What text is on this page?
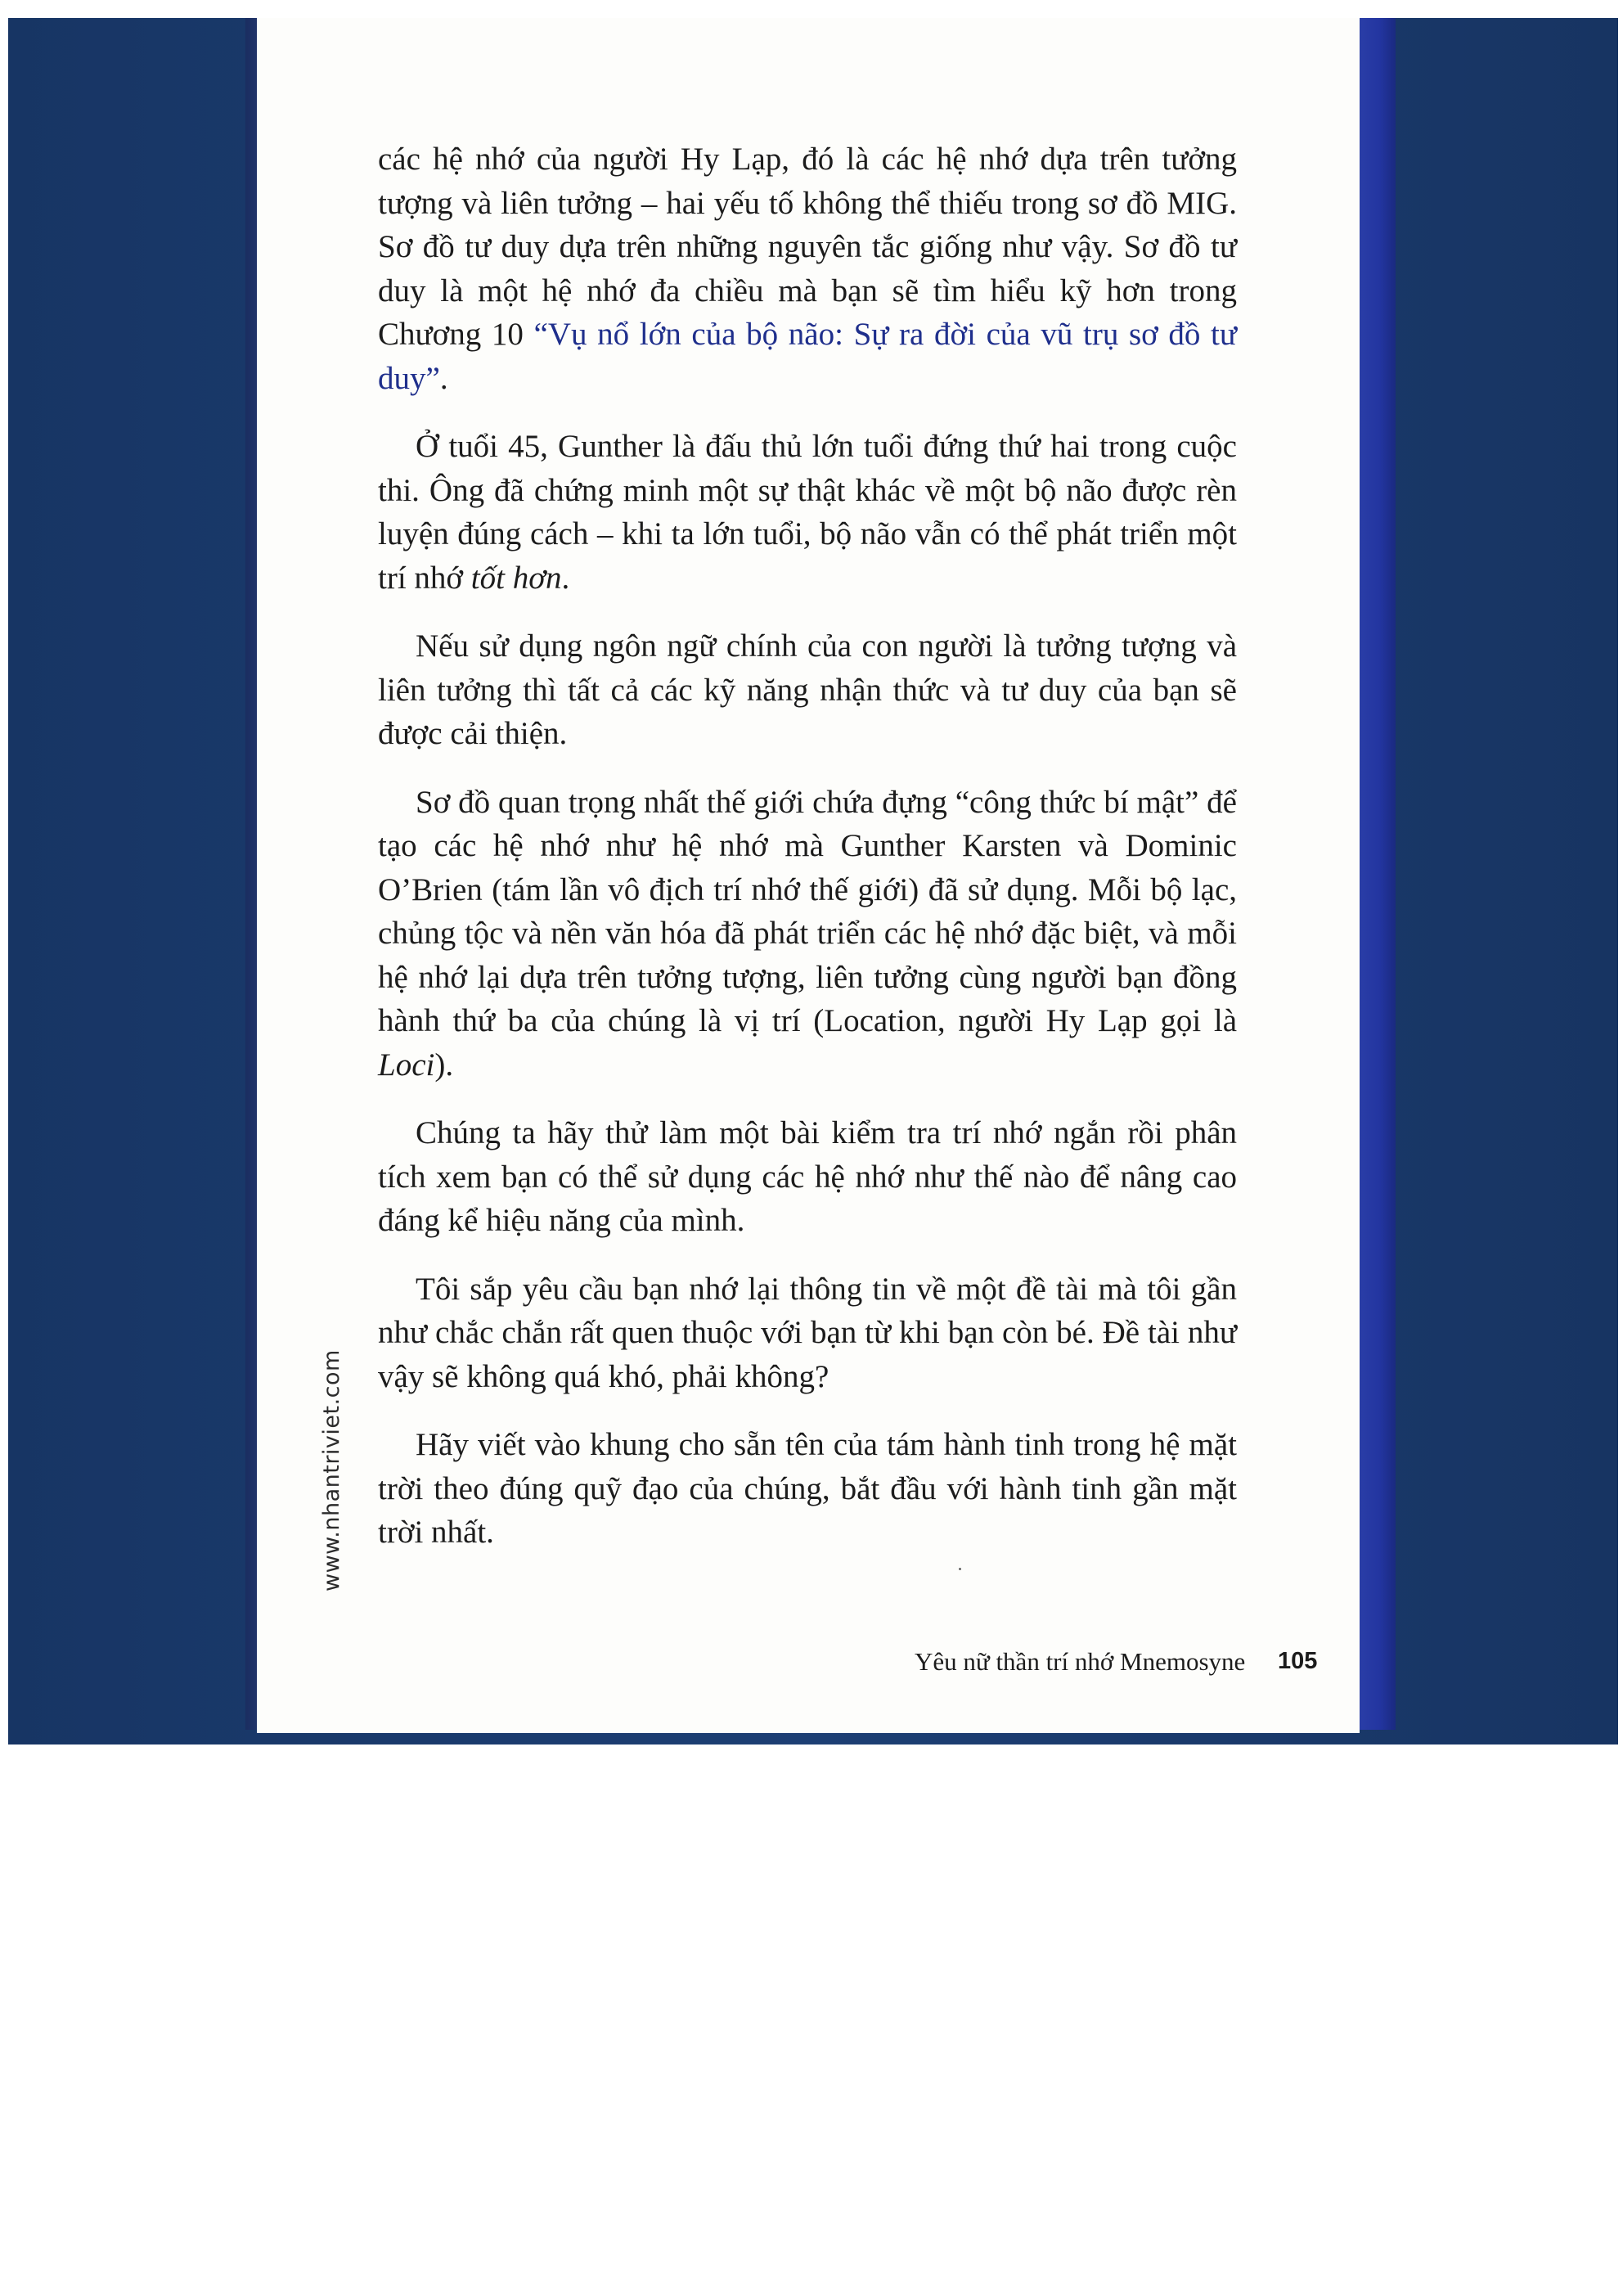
các hệ nhớ của người Hy Lạp, đó là các hệ nhớ dựa trên tưởng tượng và liên tưởng – hai yếu tố không thể thiếu trong sơ đồ MIG. Sơ đồ tư duy dựa trên những nguyên tắc giống như vậy. Sơ đồ tư duy là một hệ nhớ đa chiều mà bạn sẽ tìm hiểu kỹ hơn trong Chương 10 “Vụ nổ lớn của bộ não: Sự ra đời của vũ trụ sơ đồ tư duy”.

Ở tuổi 45, Gunther là đấu thủ lớn tuổi đứng thứ hai trong cuộc thi. Ông đã chứng minh một sự thật khác về một bộ não được rèn luyện đúng cách – khi ta lớn tuổi, bộ não vẫn có thể phát triển một trí nhớ tốt hơn.

Nếu sử dụng ngôn ngữ chính của con người là tưởng tượng và liên tưởng thì tất cả các kỹ năng nhận thức và tư duy của bạn sẽ được cải thiện.

Sơ đồ quan trọng nhất thế giới chứa đựng “công thức bí mật” để tạo các hệ nhớ như hệ nhớ mà Gunther Karsten và Dominic O’Brien (tám lần vô địch trí nhớ thế giới) đã sử dụng. Mỗi bộ lạc, chủng tộc và nền văn hóa đã phát triển các hệ nhớ đặc biệt, và mỗi hệ nhớ lại dựa trên tưởng tượng, liên tưởng cùng người bạn đồng hành thứ ba của chúng là vị trí (Location, người Hy Lạp gọi là Loci).

Chúng ta hãy thử làm một bài kiểm tra trí nhớ ngắn rồi phân tích xem bạn có thể sử dụng các hệ nhớ như thế nào để nâng cao đáng kể hiệu năng của mình.

Tôi sắp yêu cầu bạn nhớ lại thông tin về một đề tài mà tôi gần như chắc chắn rất quen thuộc với bạn từ khi bạn còn bé. Đề tài như vậy sẽ không quá khó, phải không?

Hãy viết vào khung cho sẵn tên của tám hành tinh trong hệ mặt trời theo đúng quỹ đạo của chúng, bắt đầu với hành tinh gần mặt trời nhất.

www.nhantriviet.com
Yêu nữ thần trí nhớ Mnemosyne 105
